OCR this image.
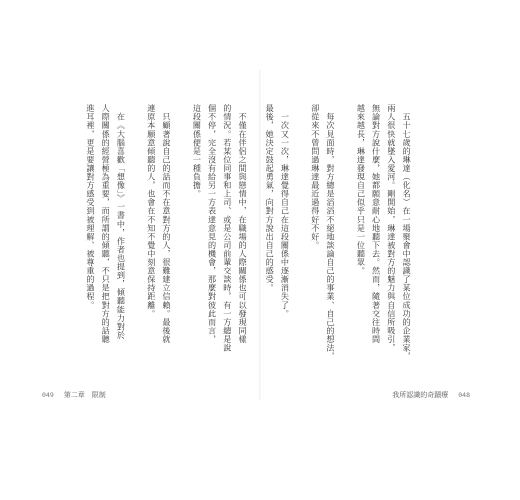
　不僅在伴侶之間與戀情中，在職場的人際關係也可以發現同樣
的情況。若某位同事和上司、或是公司前輩交談時，有一方總是說
個不停，完全沒有給另一方表達意見的機會，那麼對彼此而言，
這段關係便是一種負擔。
　只顧著說自己的話而不在意對方的人，很難建立信賴。最後就
連原本願意傾聽的人，也會在不知不覺中刻意保持距離。
　在《大腦喜歡「想像」》一書中，作者也提到，傾聽能力對於
人際關係的經營極為重要，而所謂的傾聽，不只是把對方的話聽
進耳裡，更是要讓對方感受到被理解、被尊重的過程。
049 第二章　限制
　五十七歲的琳達（化名）在一場聚會中認識了某位成功的企業家，
兩人很快就墜入愛河。剛開始，琳達被對方的魅力與自信所吸引，
無論對方說什麼，她都願意耐心地聽下去。然而，隨著交往時間
越來越長，琳達發現自己似乎只是一位聽眾。
　每次見面時，對方總是滔滔不絕地談論自己的事業、自己的想法，
卻從來不曾問過琳達最近過得好不好。
　一次又一次，琳達覺得自己在這段關係中逐漸消失了。
最後，她決定鼓起勇氣，向對方說出自己的感受。
我所認識的奇蹟療 048
